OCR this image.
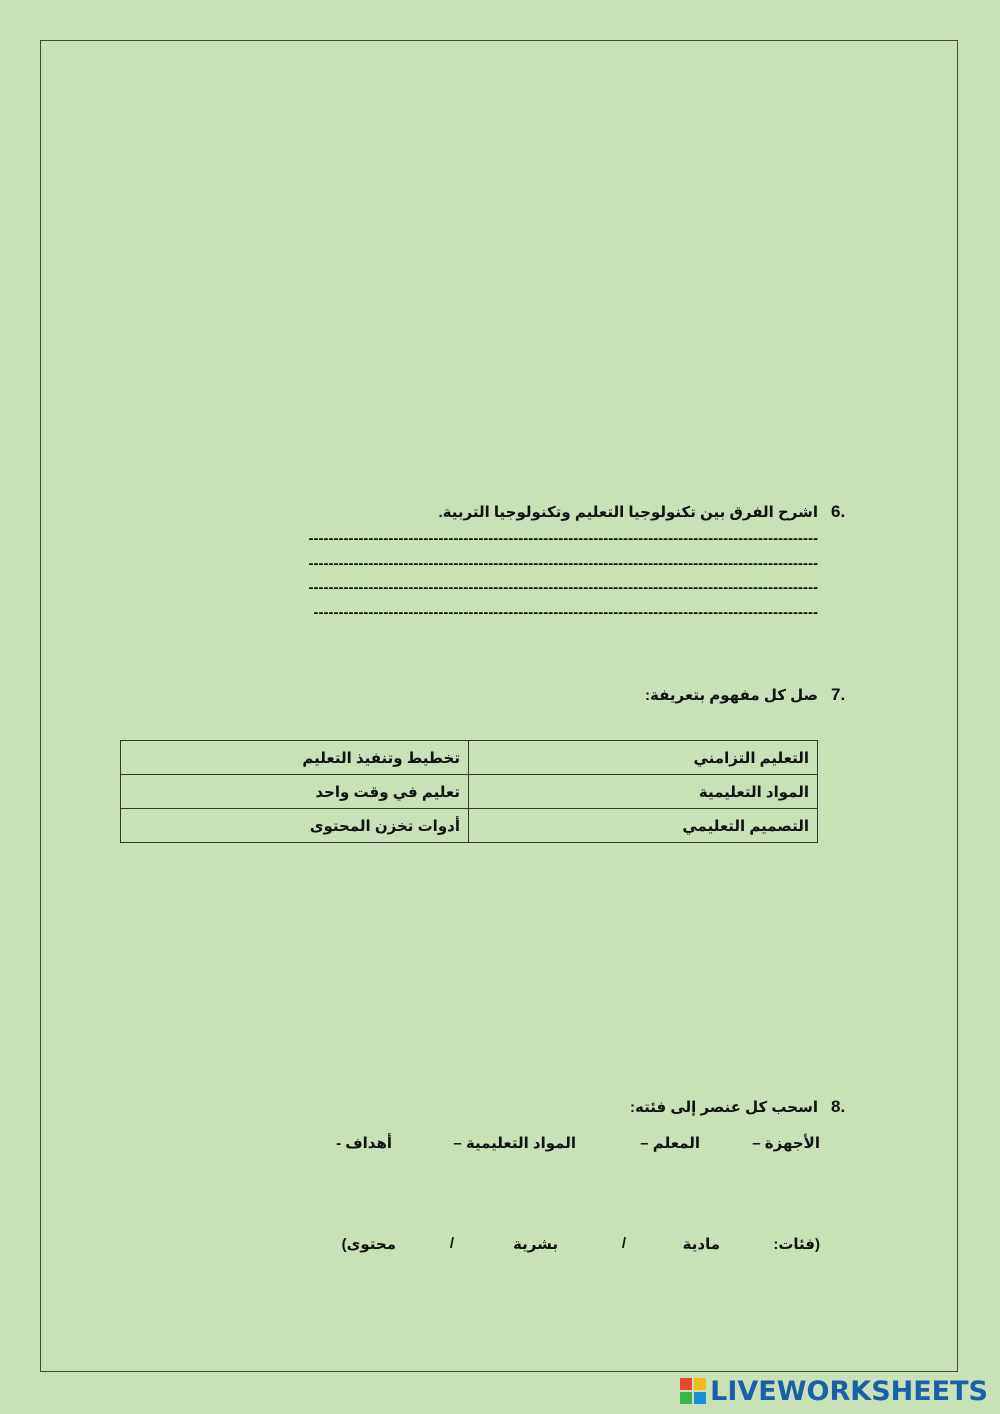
6.
اشرح الفرق بين تكنولوجيا التعليم وتكنولوجيا التربية.
------------------------------------------------------------------------------------------------------
------------------------------------------------------------------------------------------------------
------------------------------------------------------------------------------------------------------
-----------------------------------------------------------------------------------------------------
7.
صل كل مفهوم بتعريفة:
التعليم التزامني	تخطيط وتنفيذ التعليم
المواد التعليمية	تعليم في وقت واحد
التصميم التعليمي	أدوات تخزن المحتوى
8.
اسحب كل عنصر إلى فئته:
الأجهزة –
المعلم –
المواد التعليمية –
أهداف -
(فئات:
مادية
/
بشرية
/
محتوى)
LIVEWORKSHEETS
